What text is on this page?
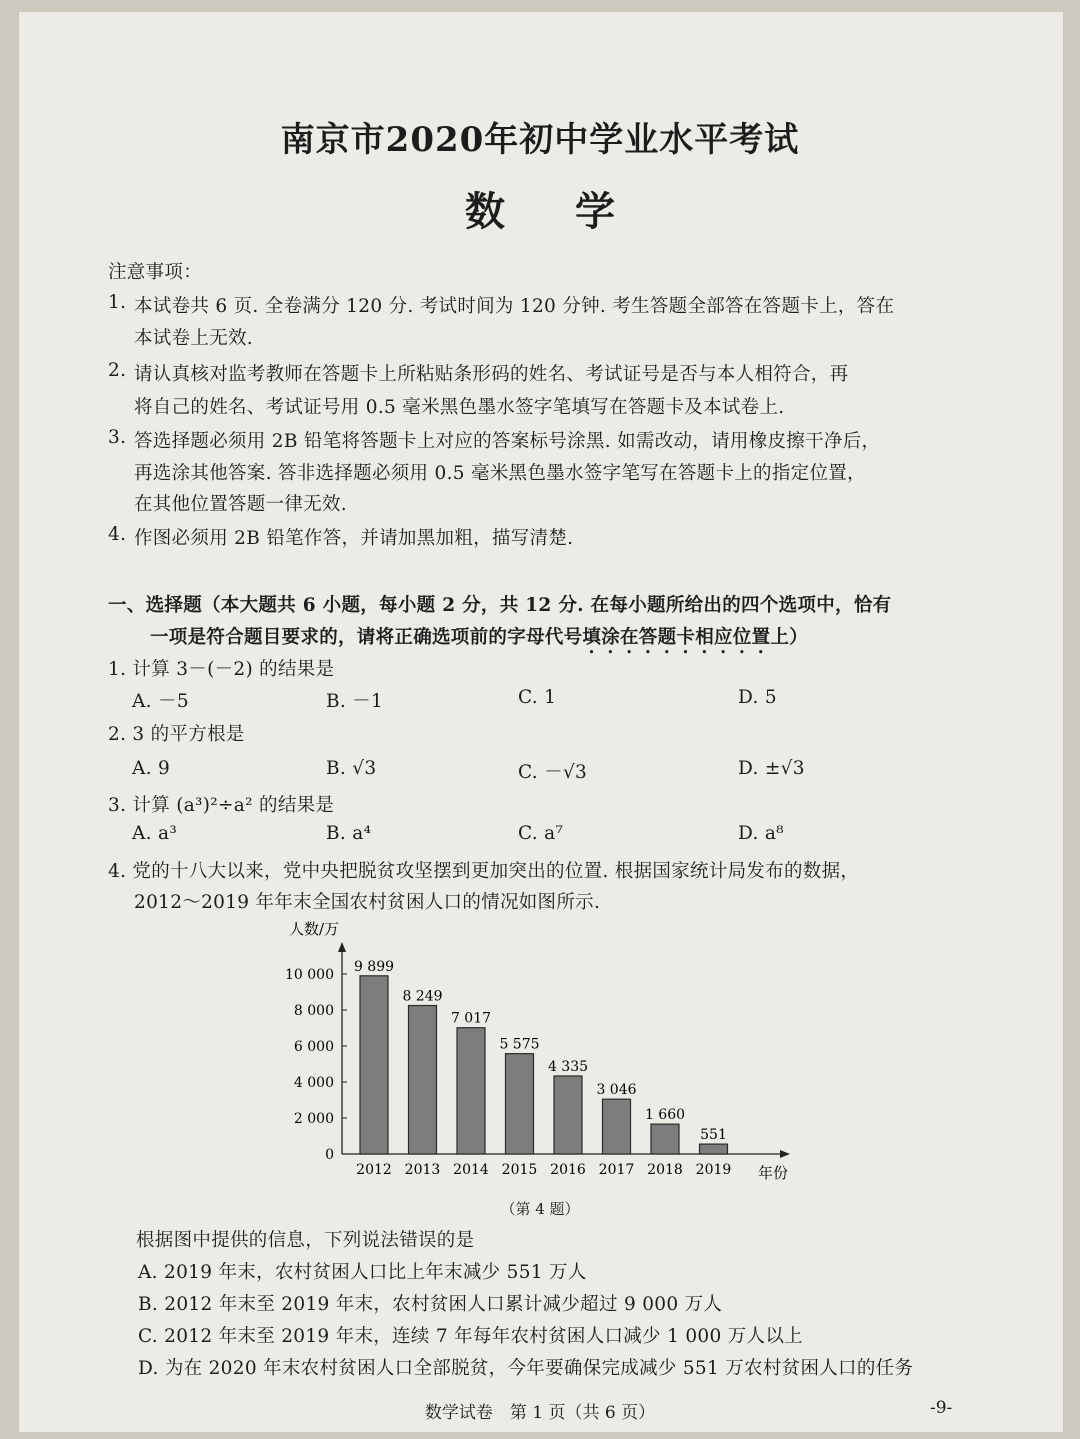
南京市2020年初中学业水平考试
数学
注意事项：
1. 本试卷共 6 页. 全卷满分 120 分. 考试时间为 120 分钟. 考生答题全部答在答题卡上，答在
本试卷上无效.
2. 请认真核对监考教师在答题卡上所粘贴条形码的姓名、考试证号是否与本人相符合，再
将自己的姓名、考试证号用 0.5 毫米黑色墨水签字笔填写在答题卡及本试卷上.
3. 答选择题必须用 2B 铅笔将答题卡上对应的答案标号涂黑. 如需改动，请用橡皮擦干净后，
再选涂其他答案. 答非选择题必须用 0.5 毫米黑色墨水签字笔写在答题卡上的指定位置，
在其他位置答题一律无效.
4. 作图必须用 2B 铅笔作答，并请加黑加粗，描写清楚.
一、选择题（本大题共 6 小题，每小题 2 分，共 12 分. 在每小题所给出的四个选项中，恰有
一项是符合题目要求的，请将正确选项前的字母代号填涂在答题卡相应位置上）
1. 计算 3－(－2) 的结果是
A. －5	B. －1	C. 1	D. 5
2. 3 的平方根是
A. 9	B. √3	C. －√3	D. ±√3
3. 计算 (a³)²÷a² 的结果是
A. a³	B. a⁴	C. a⁷	D. a⁸
4. 党的十八大以来，党中央把脱贫攻坚摆到更加突出的位置. 根据国家统计局发布的数据，
2012～2019 年年末全国农村贫困人口的情况如图所示.
人数/万
年份
0
2 000
4 000
6 000
8 000
10 000
9 899
2012
8 249
2013
7 017
2014
5 575
2015
4 335
2016
3 046
2017
1 660
2018
551
2019
（第 4 题）
根据图中提供的信息，下列说法错误的是
A. 2019 年末，农村贫困人口比上年末减少 551 万人
B. 2012 年末至 2019 年末，农村贫困人口累计减少超过 9 000 万人
C. 2012 年末至 2019 年末，连续 7 年每年农村贫困人口减少 1 000 万人以上
D. 为在 2020 年末农村贫困人口全部脱贫，今年要确保完成减少 551 万农村贫困人口的任务
数学试卷　第 1 页（共 6 页）	-9-
